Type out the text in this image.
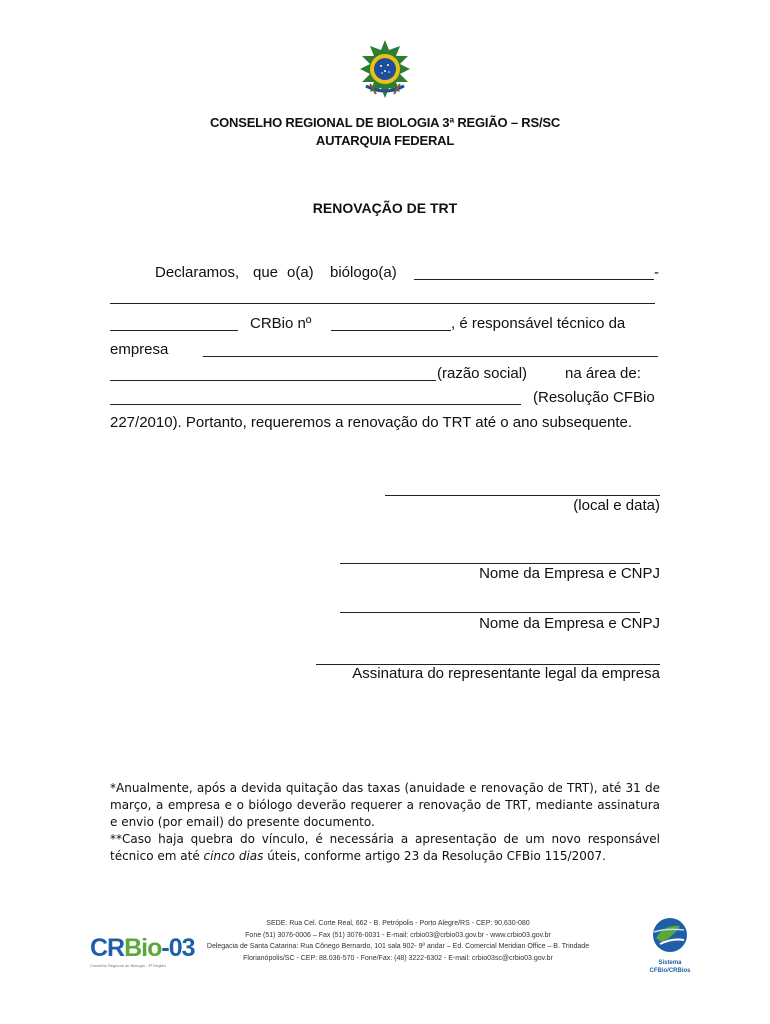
CONSELHO REGIONAL DE BIOLOGIA 3ª REGIÃO – RS/SC
AUTARQUIA FEDERAL
RENOVAÇÃO DE TRT
Declaramos, que o(a) biólogo(a)	-
CRBio nº	, é responsável técnico da
empresa
(razão social)	na área de:
(Resolução CFBio
227/2010). Portanto, requeremos a renovação do TRT até o ano subsequente.
(local e data)
Nome da Empresa e CNPJ
Nome da Empresa e CNPJ
Assinatura do representante legal da empresa

*Anualmente, após a devida quitação das taxas (anuidade e renovação de TRT), até 31 de março, a empresa e o biólogo deverão requerer a renovação de TRT, mediante assinatura e envio (por email) do presente documento.

**Caso haja quebra do vínculo, é necessária a apresentação de um novo responsável técnico em até cinco dias úteis, conforme artigo 23 da Resolução CFBio 115/2007.

SEDE: Rua Cel. Corte Real, 662 - B. Petrópolis - Porto Alegre/RS - CEP: 90.630-080
Fone (51) 3076-0006 – Fax (51) 3076-0031 - E-mail: crbio03@crbio03.gov.br - www.crbio03.gov.br
Delegacia de Santa Catarina: Rua Cônego Bernardo, 101 sala 902- 9º andar – Ed. Comercial Meridian Office – B. Trindade
Florianópolis/SC - CEP: 88.036-570 - Fone/Fax: (48) 3222-6302 - E-mail: crbio03sc@crbio03.gov.br
CRBio-03
Conselho Regional de Biologia - 3ª Região	Sistema
CFBio/CRBios
